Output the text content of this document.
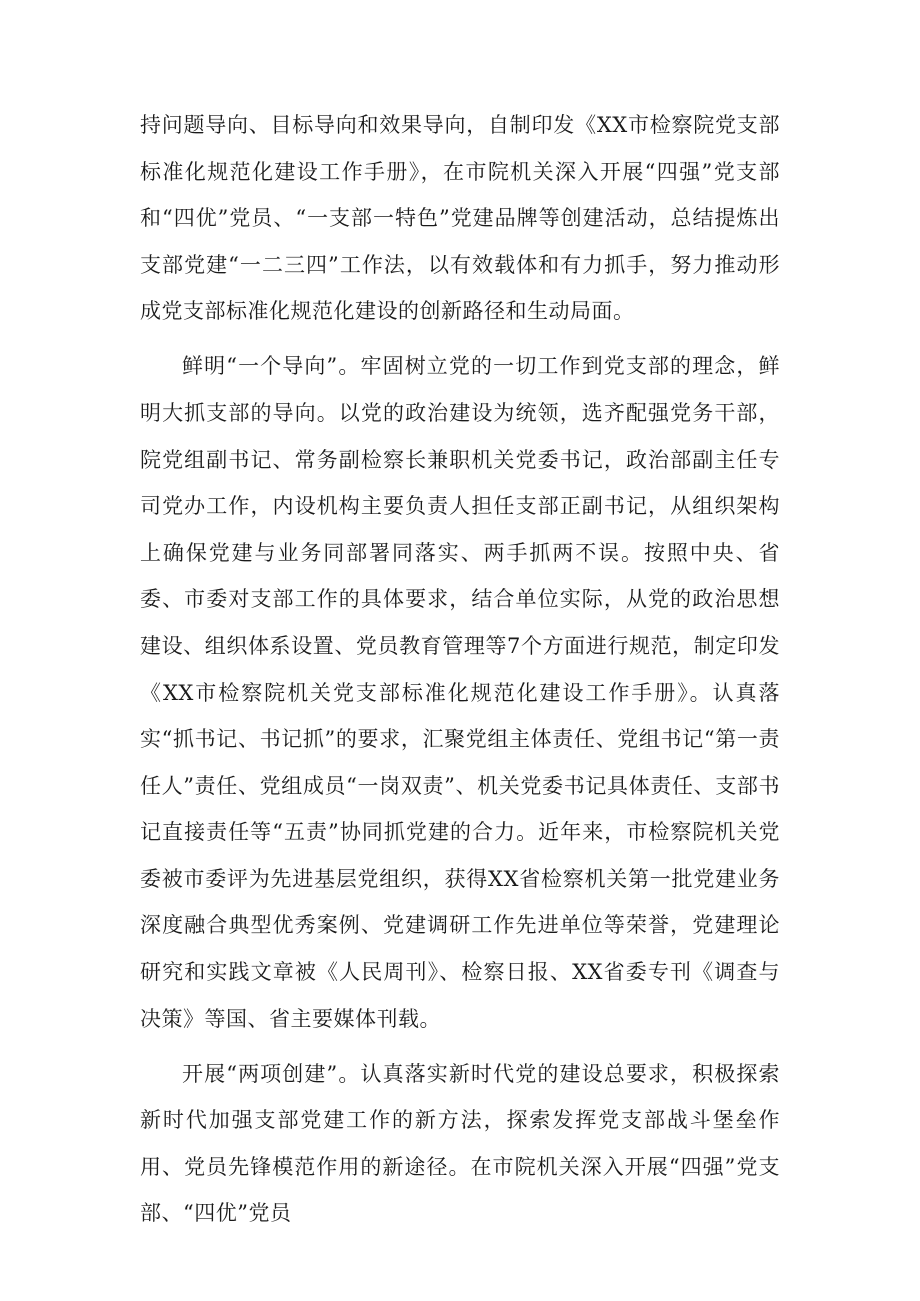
持问题导向、目标导向和效果导向，自制印发《XX市检察院党支部标准化规范化建设工作手册》，在市院机关深入开展“四强”党支部和“四优”党员、“一支部一特色”党建品牌等创建活动，总结提炼出支部党建“一二三四”工作法，以有效载体和有力抓手，努力推动形成党支部标准化规范化建设的创新路径和生动局面。

鲜明“一个导向”。牢固树立党的一切工作到党支部的理念，鲜明大抓支部的导向。以党的政治建设为统领，选齐配强党务干部，院党组副书记、常务副检察长兼职机关党委书记，政治部副主任专司党办工作，内设机构主要负责人担任支部正副书记，从组织架构上确保党建与业务同部署同落实、两手抓两不误。按照中央、省委、市委对支部工作的具体要求，结合单位实际，从党的政治思想建设、组织体系设置、党员教育管理等7个方面进行规范，制定印发《XX市检察院机关党支部标准化规范化建设工作手册》。认真落实“抓书记、书记抓”的要求，汇聚党组主体责任、党组书记“第一责任人”责任、党组成员“一岗双责”、机关党委书记具体责任、支部书记直接责任等“五责”协同抓党建的合力。近年来，市检察院机关党委被市委评为先进基层党组织，获得XX省检察机关第一批党建业务深度融合典型优秀案例、党建调研工作先进单位等荣誉，党建理论研究和实践文章被《人民周刊》、检察日报、XX省委专刊《调查与决策》等国、省主要媒体刊载。

开展“两项创建”。认真落实新时代党的建设总要求，积极探索新时代加强支部党建工作的新方法，探索发挥党支部战斗堡垒作用、党员先锋模范作用的新途径。在市院机关深入开展“四强”党支部、“四优”党员
